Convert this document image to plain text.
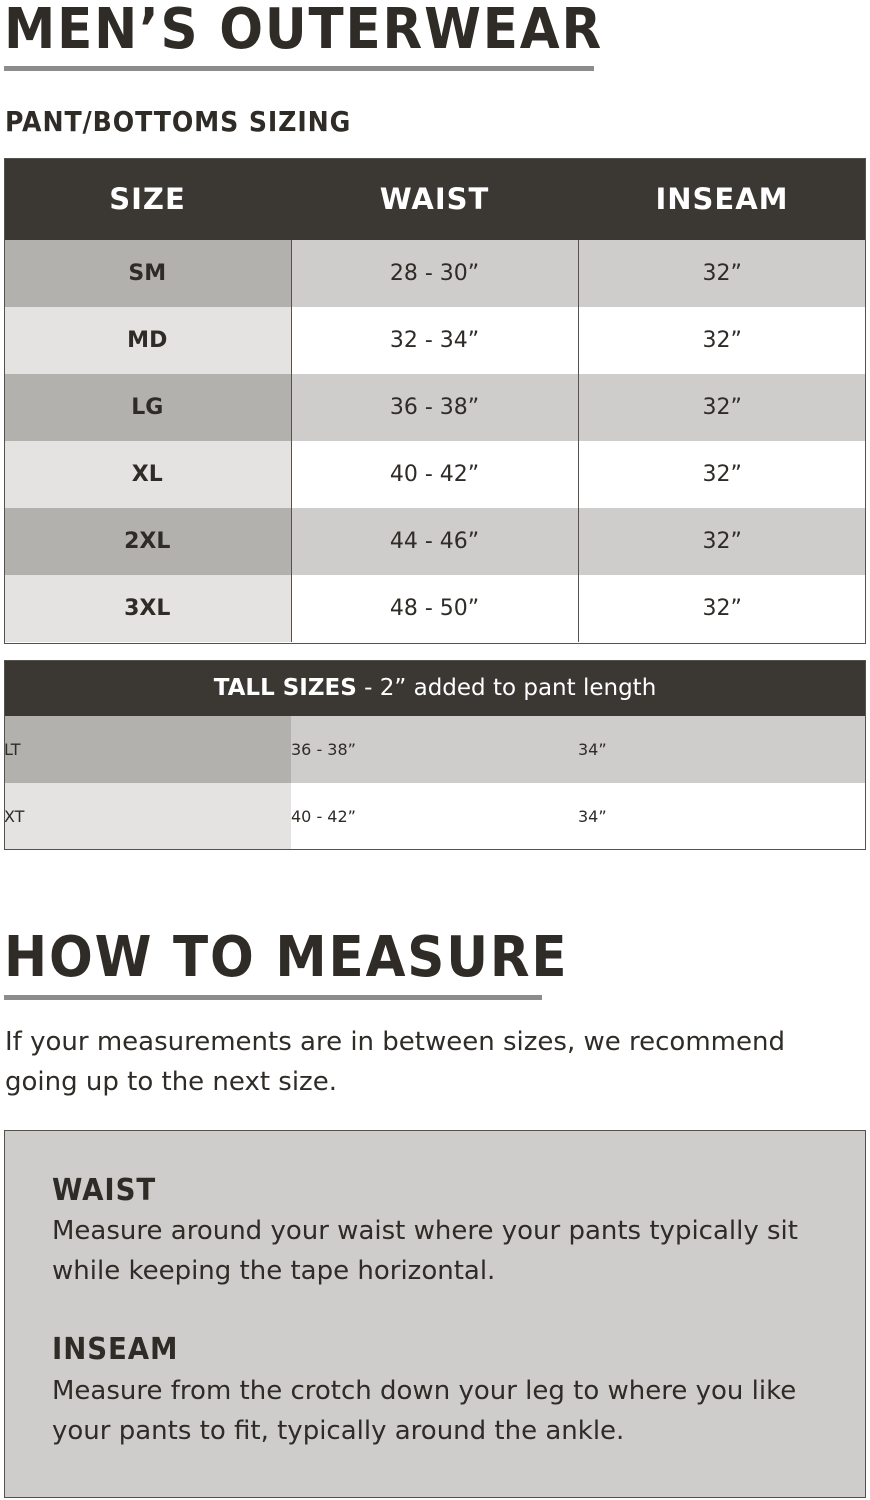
MEN’S OUTERWEAR
PANT/BOTTOMS SIZING
SIZE	WAIST	INSEAM
SM	28 - 30”	32”
MD	32 - 34”	32”
LG	36 - 38”	32”
XL	40 - 42”	32”
2XL	44 - 46”	32”
3XL	48 - 50”	32”
TALL SIZES - 2” added to pant length
LT	36 - 38”	34”
XT	40 - 42”	34”
HOW TO MEASURE
If your measurements are in between sizes, we recommend going up to the next size.
WAIST
Measure around your waist where your pants typically sit while keeping the tape horizontal.
INSEAM
Measure from the crotch down your leg to where you like your pants to fit, typically around the ankle.
